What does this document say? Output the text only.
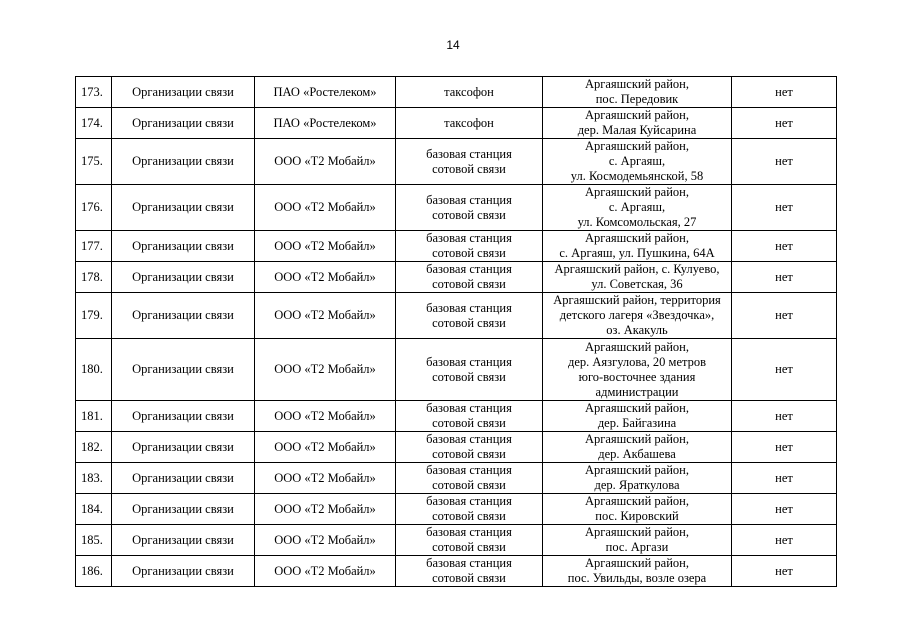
14
173.	Организации связи	ПАО «Ростелеком»	таксофон	Аргаяшский район,
пос. Передовик	нет
174.	Организации связи	ПАО «Ростелеком»	таксофон	Аргаяшский район,
дер. Малая Куйсарина	нет
175.	Организации связи	ООО «Т2 Мобайл»	базовая станция
сотовой связи	Аргаяшский район,
с. Аргаяш,
ул. Космодемьянской, 58	нет
176.	Организации связи	ООО «Т2 Мобайл»	базовая станция
сотовой связи	Аргаяшский район,
с. Аргаяш,
ул. Комсомольская, 27	нет
177.	Организации связи	ООО «Т2 Мобайл»	базовая станция
сотовой связи	Аргаяшский район,
с. Аргаяш, ул. Пушкина, 64А	нет
178.	Организации связи	ООО «Т2 Мобайл»	базовая станция
сотовой связи	Аргаяшский район, с. Кулуево,
ул. Советская, 36	нет
179.	Организации связи	ООО «Т2 Мобайл»	базовая станция
сотовой связи	Аргаяшский район, территория
детского лагеря «Звездочка»,
оз. Акакуль	нет
180.	Организации связи	ООО «Т2 Мобайл»	базовая станция
сотовой связи	Аргаяшский район,
дер. Аязгулова, 20 метров
юго-восточнее здания
администрации	нет
181.	Организации связи	ООО «Т2 Мобайл»	базовая станция
сотовой связи	Аргаяшский район,
дер. Байгазина	нет
182.	Организации связи	ООО «Т2 Мобайл»	базовая станция
сотовой связи	Аргаяшский район,
дер. Акбашева	нет
183.	Организации связи	ООО «Т2 Мобайл»	базовая станция
сотовой связи	Аргаяшский район,
дер. Яраткулова	нет
184.	Организации связи	ООО «Т2 Мобайл»	базовая станция
сотовой связи	Аргаяшский район,
пос. Кировский	нет
185.	Организации связи	ООО «Т2 Мобайл»	базовая станция
сотовой связи	Аргаяшский район,
пос. Аргази	нет
186.	Организации связи	ООО «Т2 Мобайл»	базовая станция
сотовой связи	Аргаяшский район,
пос. Увильды, возле озера	нет
